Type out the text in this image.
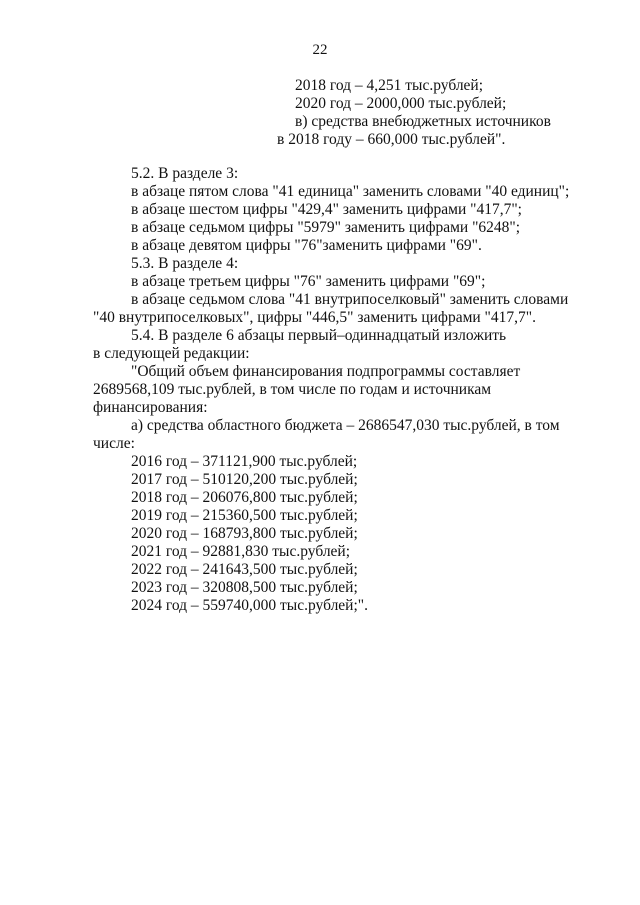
22
2018 год – 4,251 тыс.рублей;
2020 год – 2000,000 тыс.рублей;
в) средства внебюджетных источников
в 2018 году – 660,000 тыс.рублей".
5.2. В разделе 3:
в абзаце пятом слова "41 единица" заменить словами "40 единиц";
в абзаце шестом цифры "429,4" заменить цифрами "417,7";
в абзаце седьмом цифры "5979" заменить цифрами "6248";
в абзаце девятом цифры "76"заменить цифрами "69".
5.3. В разделе 4:
в абзаце третьем цифры "76" заменить цифрами "69";
в абзаце седьмом слова "41 внутрипоселковый" заменить словами
"40 внутрипоселковых", цифры "446,5" заменить цифрами "417,7".
5.4. В разделе 6 абзацы первый–одиннадцатый изложить
в следующей редакции:
"Общий объем финансирования подпрограммы составляет
2689568,109 тыс.рублей, в том числе по годам и источникам
финансирования:
а) средства областного бюджета – 2686547,030 тыс.рублей, в том
числе:
2016 год – 371121,900 тыс.рублей;
2017 год – 510120,200 тыс.рублей;
2018 год – 206076,800 тыс.рублей;
2019 год – 215360,500 тыс.рублей;
2020 год – 168793,800 тыс.рублей;
2021 год – 92881,830 тыс.рублей;
2022 год – 241643,500 тыс.рублей;
2023 год – 320808,500 тыс.рублей;
2024 год – 559740,000 тыс.рублей;".
